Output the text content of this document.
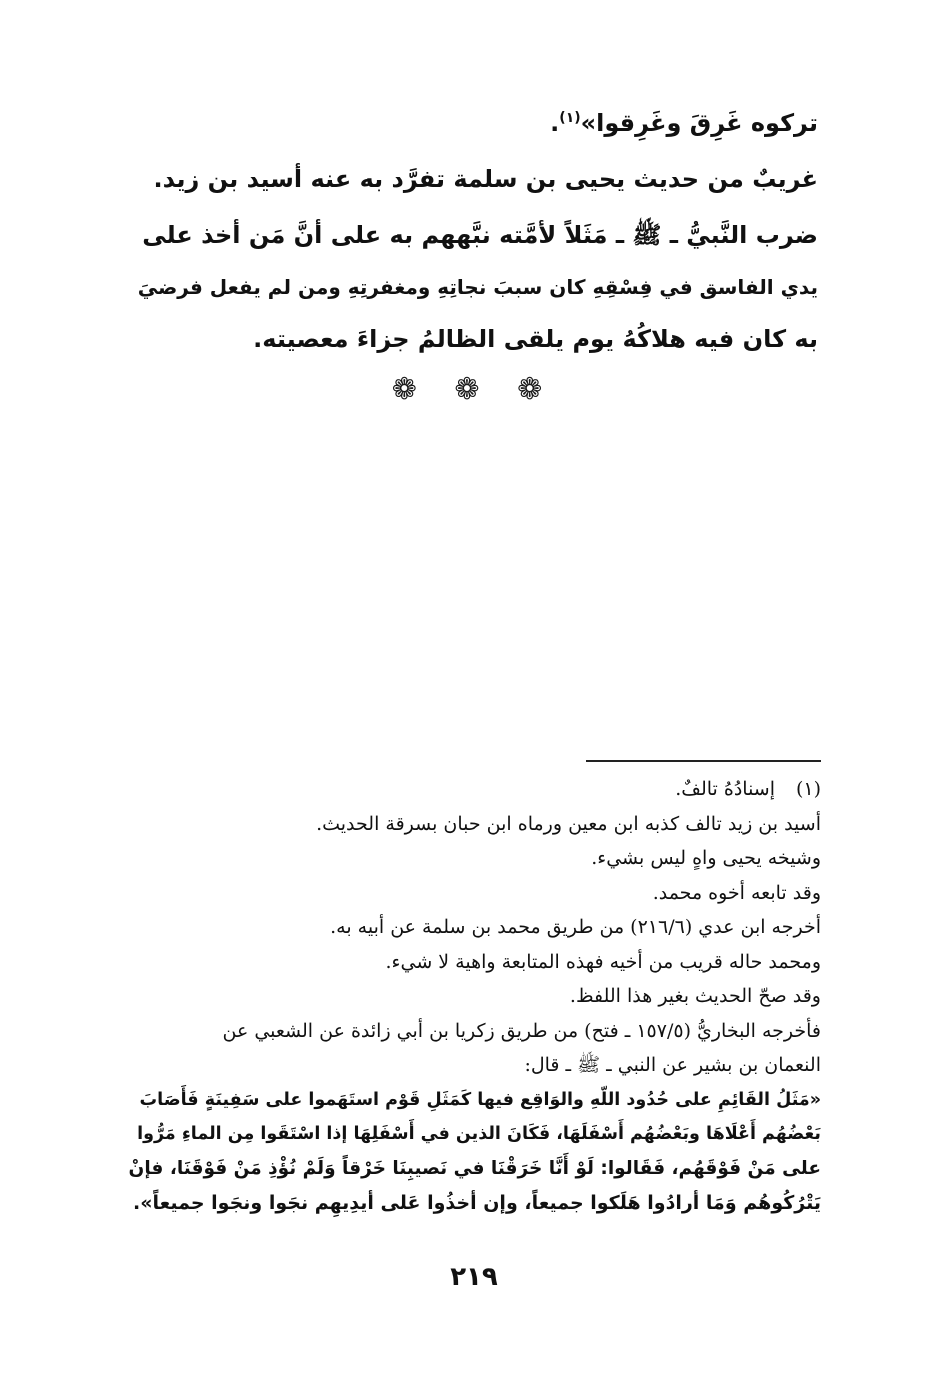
تركوه غَرِقَ وغَرِقوا»$^{(١)}$.

غريبٌ من حديث يحيى بن سلمة تفرَّد به عنه أسيد بن زيد.

ضرب النَّبيُّ ـ ﷺ ـ مَثَلاً لأمَّته نبَّههم به على أنَّ مَن أخذ على

يدي الفاسق في فِسْقِهِ كان سببَ نجاتِهِ ومغفرتِهِ ومن لم يفعل فرضيَ

به كان فيه هلاكُهُ يوم يلقى الظالمُ جزاءَ معصيته.

❁ ❁ ❁

(١)إسنادُهُ تالفٌ.

أسيد بن زيد تالف كذبه ابن معين ورماه ابن حبان بسرقة الحديث.

وشيخه يحيى واهٍ ليس بشيء.

وقد تابعه أخوه محمد.

أخرجه ابن عدي (٢١٦/٦) من طريق محمد بن سلمة عن أبيه به.

ومحمد حاله قريب من أخيه فهذه المتابعة واهية لا شيء.

وقد صحّ الحديث بغير هذا اللفظ.

فأخرجه البخاريُّ (١٥٧/٥ ـ فتح) من طريق زكريا بن أبي زائدة عن الشعبي عن

النعمان بن بشير عن النبي ـ ﷺ ـ قال:

«مَثَلُ القَائِمِ على حُدُود اللّهِ والوَاقِع فيها كَمَثَلِ قَوْم استَهَموا على سَفِينَةٍ فَأَصَابَ

بَعْضُهُم أَعْلَاهَا وبَعْضُهُم أَسْفَلَهَا، فَكَانَ الذين في أَسْفَلِهَا إذا اسْتَقَوا مِن الماءِ مَرُّوا

على مَنْ فَوْقَهُم، فَقَالوا: لَوْ أَنَّا خَرَقْنَا في نَصيبِنَا خَرْقاً وَلَمْ نُؤْذِ مَنْ فَوْقَنَا، فإنْ

يَتْرُكُوهُم وَمَا أرادُوا هَلَكوا جميعاً، وإن أخذُوا عَلى أيدِيهِم نجَوا ونجَوا جميعاً».

٢١٩
